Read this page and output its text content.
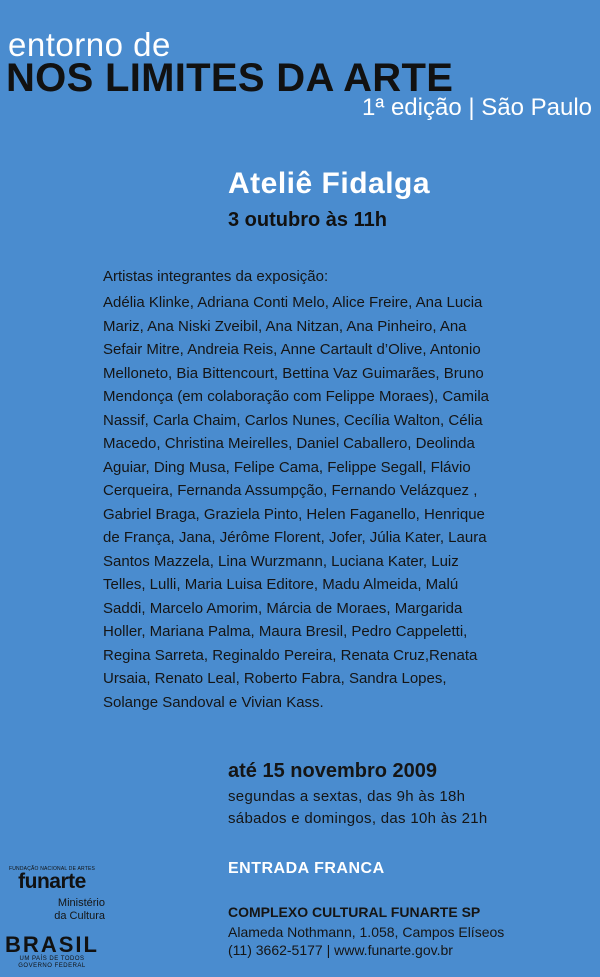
entorno de
NOS LIMITES DA ARTE
1ª edição | São Paulo
Ateliê Fidalga
3 outubro às 11h
Artistas integrantes da exposição:
Adélia Klinke, Adriana Conti Melo, Alice Freire, Ana Lucia
Mariz, Ana Niski Zveibil, Ana Nitzan, Ana Pinheiro, Ana
Sefair Mitre, Andreia Reis, Anne Cartault d’Olive, Antonio
Melloneto, Bia Bittencourt, Bettina Vaz Guimarães, Bruno
Mendonça (em colaboração com Felippe Moraes), Camila
Nassif, Carla Chaim, Carlos Nunes, Cecília Walton, Célia
Macedo, Christina Meirelles, Daniel Caballero, Deolinda
Aguiar, Ding Musa, Felipe Cama, Felippe Segall, Flávio
Cerqueira, Fernanda Assumpção, Fernando Velázquez ,
Gabriel Braga, Graziela Pinto, Helen Faganello, Henrique
de França, Jana, Jérôme Florent, Jofer, Júlia Kater, Laura
Santos Mazzela, Lina Wurzmann, Luciana Kater, Luiz
Telles, Lulli, Maria Luisa Editore, Madu Almeida, Malú
Saddi, Marcelo Amorim, Márcia de Moraes, Margarida
Holler, Mariana Palma, Maura Bresil, Pedro Cappeletti,
Regina Sarreta, Reginaldo Pereira, Renata Cruz,Renata
Ursaia, Renato Leal, Roberto Fabra, Sandra Lopes,
Solange Sandoval e Vivian Kass.
até 15 novembro 2009
segundas a sextas, das 9h às 18h
sábados e domingos, das 10h às 21h
ENTRADA FRANCA
COMPLEXO CULTURAL FUNARTE SP
Alameda Nothmann, 1.058, Campos Elíseos
(11) 3662-5177 | www.funarte.gov.br
FUNDAÇÃO NACIONAL DE ARTES
funarte
Ministério
da Cultura
BRASIL
UM PAÍS DE TODOS
GOVERNO FEDERAL
